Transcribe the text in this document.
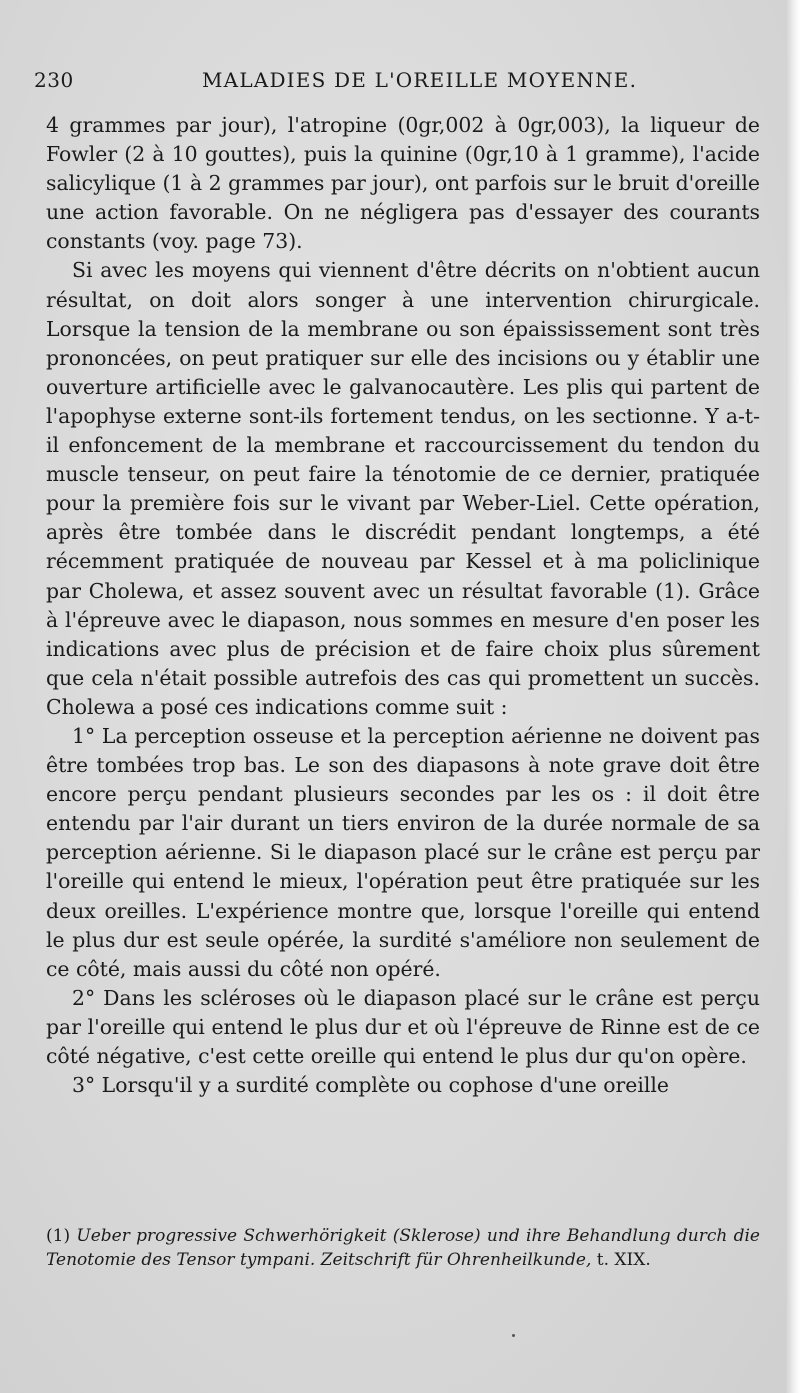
230	MALADIES DE L'OREILLE MOYENNE.

4 grammes par jour), l'atropine (0gr,002 à 0gr,003), la liqueur de Fowler (2 à 10 gouttes), puis la quinine (0gr,10 à 1 gramme), l'acide salicylique (1 à 2 grammes par jour), ont parfois sur le bruit d'oreille une action favorable. On ne négligera pas d'essayer des courants constants (voy. page 73).

Si avec les moyens qui viennent d'être décrits on n'obtient aucun résultat, on doit alors songer à une intervention chirurgicale. Lorsque la tension de la membrane ou son épaississement sont très prononcées, on peut pratiquer sur elle des incisions ou y établir une ouverture artificielle avec le galvanocautère. Les plis qui partent de l'apophyse externe sont-ils fortement tendus, on les sectionne. Y a-t-il enfoncement de la membrane et raccourcissement du tendon du muscle tenseur, on peut faire la ténotomie de ce dernier, pratiquée pour la première fois sur le vivant par Weber-Liel. Cette opération, après être tombée dans le discrédit pendant longtemps, a été récemment pratiquée de nouveau par Kessel et à ma policlinique par Cholewa, et assez souvent avec un résultat favorable (1). Grâce à l'épreuve avec le diapason, nous sommes en mesure d'en poser les indications avec plus de précision et de faire choix plus sûrement que cela n'était possible autrefois des cas qui promettent un succès. Cholewa a posé ces indications comme suit :

1° La perception osseuse et la perception aérienne ne doivent pas être tombées trop bas. Le son des diapasons à note grave doit être encore perçu pendant plusieurs secondes par les os : il doit être entendu par l'air durant un tiers environ de la durée normale de sa perception aérienne. Si le diapason placé sur le crâne est perçu par l'oreille qui entend le mieux, l'opération peut être pratiquée sur les deux oreilles. L'expérience montre que, lorsque l'oreille qui entend le plus dur est seule opérée, la surdité s'améliore non seulement de ce côté, mais aussi du côté non opéré.

2° Dans les scléroses où le diapason placé sur le crâne est perçu par l'oreille qui entend le plus dur et où l'épreuve de Rinne est de ce côté négative, c'est cette oreille qui entend le plus dur qu'on opère.

3° Lorsqu'il y a surdité complète ou cophose d'une oreille

(1) Ueber progressive Schwerhörigkeit (Sklerose) und ihre Behandlung durch die Tenotomie des Tensor tympani. Zeitschrift für Ohrenheilkunde, t. XIX.
